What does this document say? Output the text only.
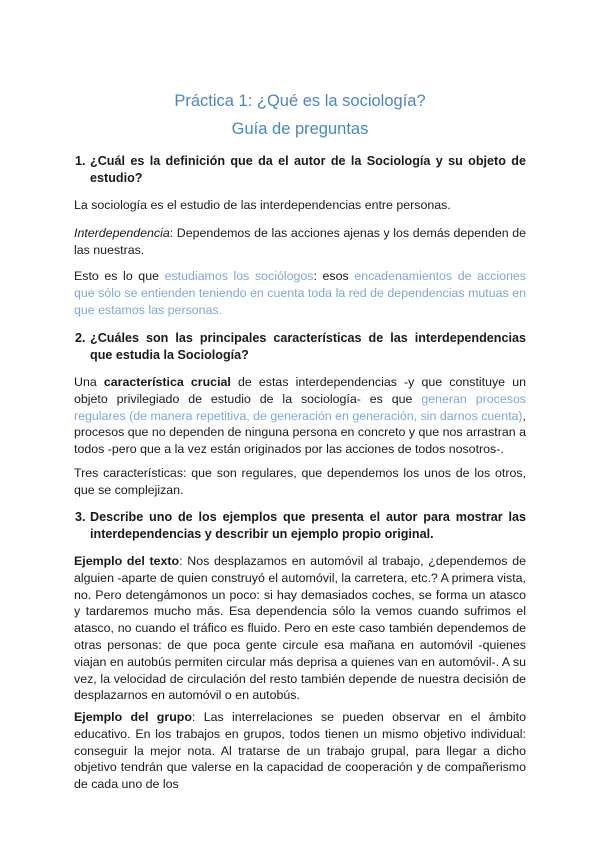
Práctica 1: ¿Qué es la sociología?
Guía de preguntas
1. ¿Cuál es la definición que da el autor de la Sociología y su objeto de estudio?
La sociología es el estudio de las interdependencias entre personas.
Interdependencia: Dependemos de las acciones ajenas y los demás dependen de las nuestras.
Esto es lo que estudiamos los sociólogos: esos encadenamientos de acciones que sólo se entienden teniendo en cuenta toda la red de dependencias mutuas en que estamos las personas.
2. ¿Cuáles son las principales características de las interdependencias que estudia la Sociología?
Una característica crucial de estas interdependencias -y que constituye un objeto privilegiado de estudio de la sociología- es que generan procesos regulares (de manera repetitiva, de generación en generación, sin darnos cuenta), procesos que no dependen de ninguna persona en concreto y que nos arrastran a todos -pero que a la vez están originados por las acciones de todos nosotros-.
Tres características: que son regulares, que dependemos los unos de los otros, que se complejizan.
3. Describe uno de los ejemplos que presenta el autor para mostrar las interdependencias y describir un ejemplo propio original.
Ejemplo del texto: Nos desplazamos en automóvil al trabajo, ¿dependemos de alguien -aparte de quien construyó el automóvil, la carretera, etc.? A primera vista, no. Pero detengámonos un poco: si hay demasiados coches, se forma un atasco y tardaremos mucho más. Esa dependencia sólo la vemos cuando sufrimos el atasco, no cuando el tráfico es fluido. Pero en este caso también dependemos de otras personas: de que poca gente circule esa mañana en automóvil -quienes viajan en autobús permiten circular más deprisa a quienes van en automóvil-. A su vez, la velocidad de circulación del resto también depende de nuestra decisión de desplazarnos en automóvil o en autobús.
Ejemplo del grupo: Las interrelaciones se pueden observar en el ámbito educativo. En los trabajos en grupos, todos tienen un mismo objetivo individual: conseguir la mejor nota. Al tratarse de un trabajo grupal, para llegar a dicho objetivo tendrán que valerse en la capacidad de cooperación y de compañerismo de cada uno de los
